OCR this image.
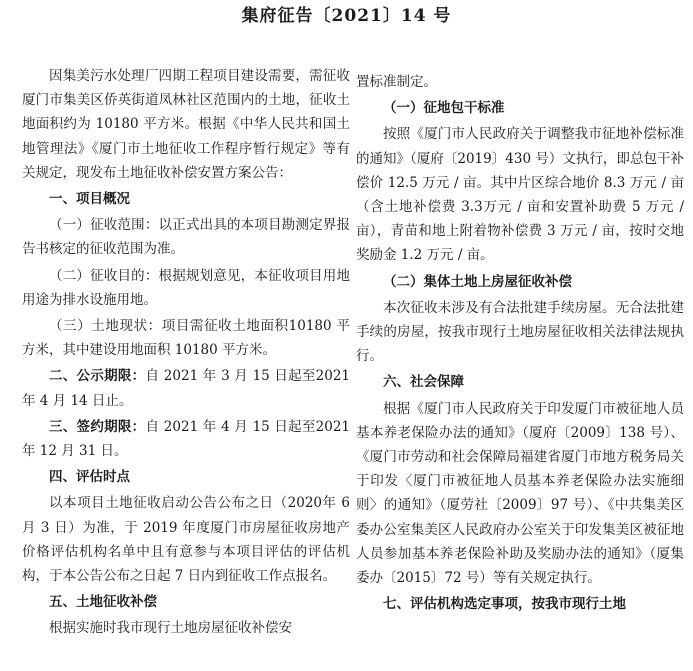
集府征告〔2021〕14 号
因集美污水处理厂四期工程项目建设需要，需征收厦门市集美区侨英街道凤林社区范围内的土地，征收土地面积约为 10180 平方米。根据《中华人民共和国土地管理法》《厦门市土地征收工作程序暂行规定》等有关规定，现发布土地征收补偿安置方案公告：
一、项目概况
（一）征收范围：以正式出具的本项目勘测定界报告书核定的征收范围为准。
（二）征收目的：根据规划意见，本征收项目用地用途为排水设施用地。
（三）土地现状：项目需征收土地面积10180 平方米，其中建设用地面积 10180 平方米。
二、公示期限：自 2021 年 3 月 15 日起至2021 年 4 月 14 日止。
三、签约期限：自 2021 年 4 月 15 日起至2021 年 12 月 31 日。
四、评估时点
以本项目土地征收启动公告公布之日（2020年 6 月 3 日）为准，于 2019 年度厦门市房屋征收房地产价格评估机构名单中且有意参与本项目评估的评估机构，于本公告公布之日起 7 日内到征收工作点报名。
五、土地征收补偿
根据实施时我市现行土地房屋征收补偿安
置标准制定。
（一）征地包干标准
按照《厦门市人民政府关于调整我市征地补偿标准的通知》（厦府〔2019〕430 号）文执行，即总包干补偿价 12.5 万元 / 亩。其中片区综合地价 8.3 万元 / 亩（含土地补偿费 3.3万元 / 亩和安置补助费 5 万元 / 亩），青苗和地上附着物补偿费 3 万元 / 亩，按时交地奖励金 1.2 万元 / 亩。
（二）集体土地上房屋征收补偿
本次征收未涉及有合法批建手续房屋。无合法批建手续的房屋，按我市现行土地房屋征收相关法律法规执行。
六、社会保障
根据《厦门市人民政府关于印发厦门市被征地人员基本养老保险办法的通知》（厦府〔2009〕138 号）、《厦门市劳动和社会保障局福建省厦门市地方税务局关于印发〈厦门市被征地人员基本养老保险办法实施细则〉的通知》（厦劳社〔2009〕97 号）、《中共集美区委办公室集美区人民政府办公室关于印发集美区被征地人员参加基本养老保险补助及奖励办法的通知》（厦集委办〔2015〕72 号）等有关规定执行。
七、评估机构选定事项，按我市现行土地
